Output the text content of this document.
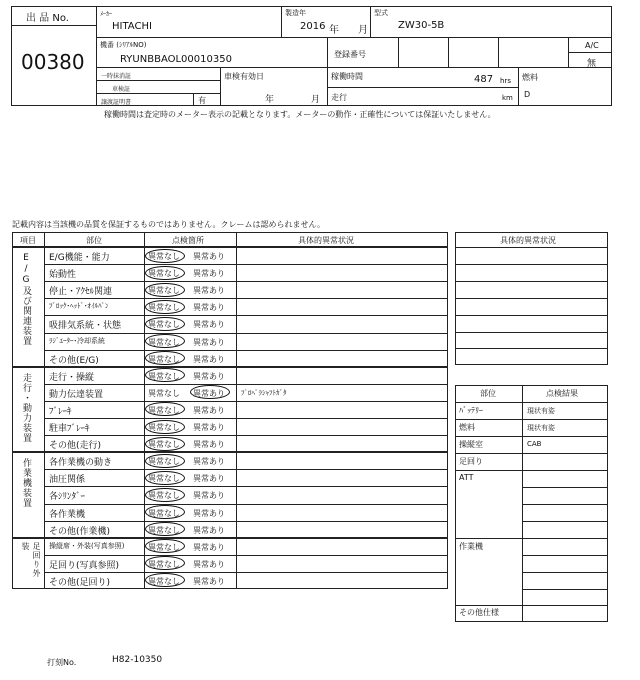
出 品 No.
00380
ﾒｰｶｰ
HITACHI
製造年
2016 年 月
型式
ZW30-5B
機番 (ｼﾘｱﾙNO)
RYUNBBAOL00010350	登録番号
A/C
無
一時抹消証
車検証
譲渡証明書	有
車検有効日
年	月
稼働時間	487 hrs
走行	km
燃料
D
稼働時間は査定時のメーター表示の記載となります。メーターの動作・正確性については保証いたしません。
記載内容は当該機の品質を保証するものではありません。クレームは認められません。
項目	部位	点検箇所	具体的異常状況
E/G及び関連装置 E/G機能・能力	異常なし 異常あり
始動性	異常なし 異常あり
停止・ｱｸｾﾙ関連	異常なし 異常あり
ﾌﾞﾛｯｸ･ﾍｯﾄﾞ･ｵｲﾙﾊﾟﾝ	異常なし 異常あり
吸排気系統・状態	異常なし 異常あり
ﾗｼﾞｴｰﾀｰ･冷却系統	異常なし 異常あり
その他(E/G)	異常なし 異常あり
走行・動力装置 走行・操縦	異常なし 異常あり
動力伝達装置	異常なし 異常あり ﾌﾟﾛﾍﾟﾗｼｬﾌﾄｶﾞﾀ
ﾌﾞﾚｰｷ	異常なし 異常あり
駐車ﾌﾞﾚｰｷ	異常なし 異常あり
その他(走行)	異常なし 異常あり
作業機装置 各作業機の動き	異常なし 異常あり
油圧関係	異常なし 異常あり
各ｼﾘﾝﾀﾞｰ	異常なし 異常あり
各作業機	異常なし 異常あり
その他(作業機)	異常なし 異常あり
足回り外装	操縦席・外装(写真参照)	異常なし 異常あり
足回り(写真参照)	異常なし 異常あり
その他(足回り)	異常なし 異常あり
具体的異常状況
部位	点検結果
ﾊﾞｯﾃﾘｰ	現状有姿
燃料	現状有姿
操縦室	CAB
足回り
ATT
作業機
その他仕様
打刻No.	H82-10350
